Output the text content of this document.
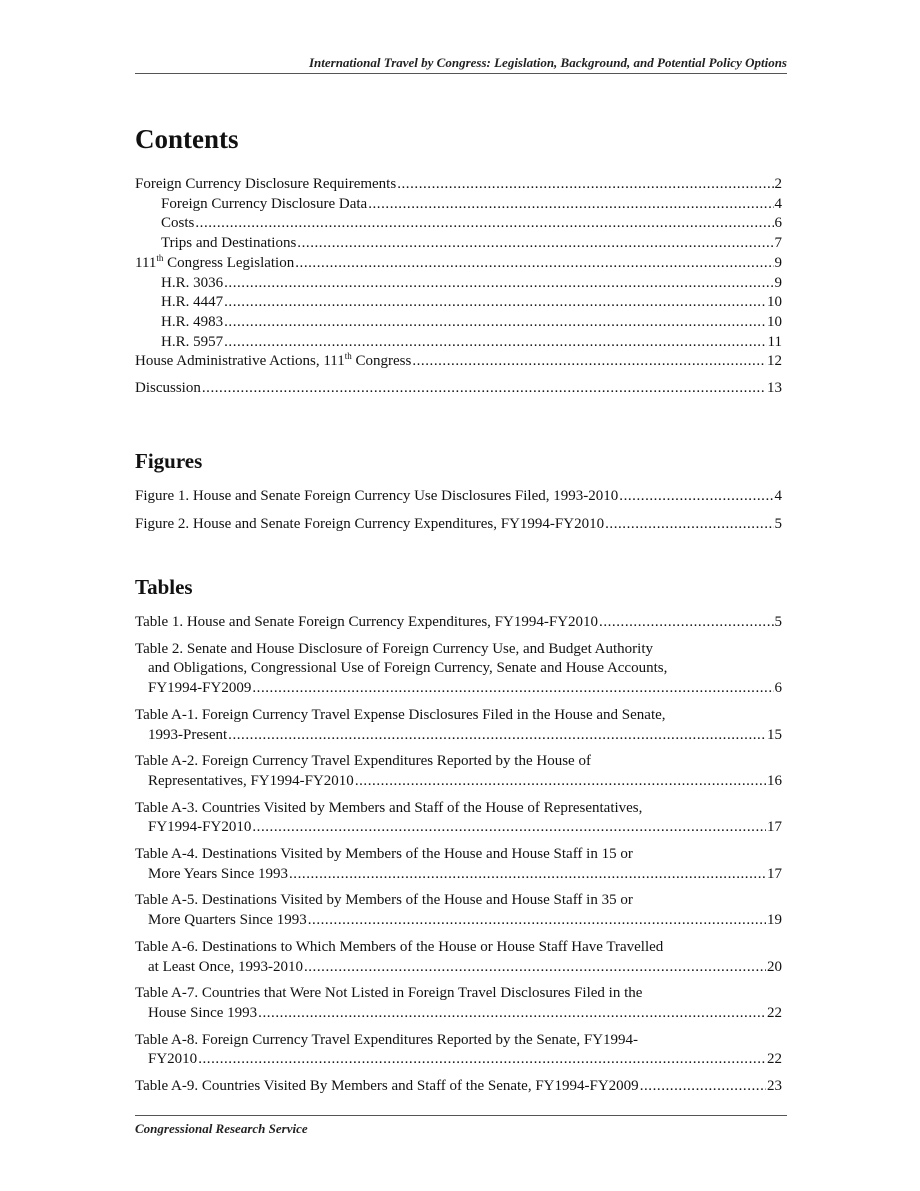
International Travel by Congress: Legislation, Background, and Potential Policy Options
Contents
Foreign Currency Disclosure Requirements . . .	2
Foreign Currency Disclosure Data . . .	4
Costs . . .	6
Trips and Destinations . . .	7
111th Congress Legislation . . .	9
H.R. 3036 . . .	9
H.R. 4447 . . .	10
H.R. 4983 . . .	10
H.R. 5957 . . .	11
House Administrative Actions, 111th Congress . . .	12
Discussion . . .	13
Figures
Figure 1. House and Senate Foreign Currency Use Disclosures Filed, 1993-2010 . . .	4
Figure 2. House and Senate Foreign Currency Expenditures, FY1994-FY2010 . . .	5
Tables
Table 1. House and Senate Foreign Currency Expenditures, FY1994-FY2010 . . .	5
Table 2. Senate and House Disclosure of Foreign Currency Use, and Budget Authority
and Obligations, Congressional Use of Foreign Currency, Senate and House Accounts,
FY1994-FY2009 . . .	6
Table A-1. Foreign Currency Travel Expense Disclosures Filed in the House and Senate,
1993-Present . . .	15
Table A-2. Foreign Currency Travel Expenditures Reported by the House of
Representatives, FY1994-FY2010 . . .	16
Table A-3. Countries Visited by Members and Staff of the House of Representatives,
FY1994-FY2010 . . .	17
Table A-4. Destinations Visited by Members of the House and House Staff in 15 or
More Years Since 1993 . . .	17
Table A-5. Destinations Visited by Members of the House and House Staff in 35 or
More Quarters Since 1993 . . .	19
Table A-6. Destinations to Which Members of the House or House Staff Have Travelled
at Least Once, 1993-2010 . . .	20
Table A-7. Countries that Were Not Listed in Foreign Travel Disclosures Filed in the
House Since 1993 . . .	22
Table A-8. Foreign Currency Travel Expenditures Reported by the Senate, FY1994-
FY2010 . . .	22
Table A-9. Countries Visited By Members and Staff of the Senate, FY1994-FY2009 . . .	23
Congressional Research Service
